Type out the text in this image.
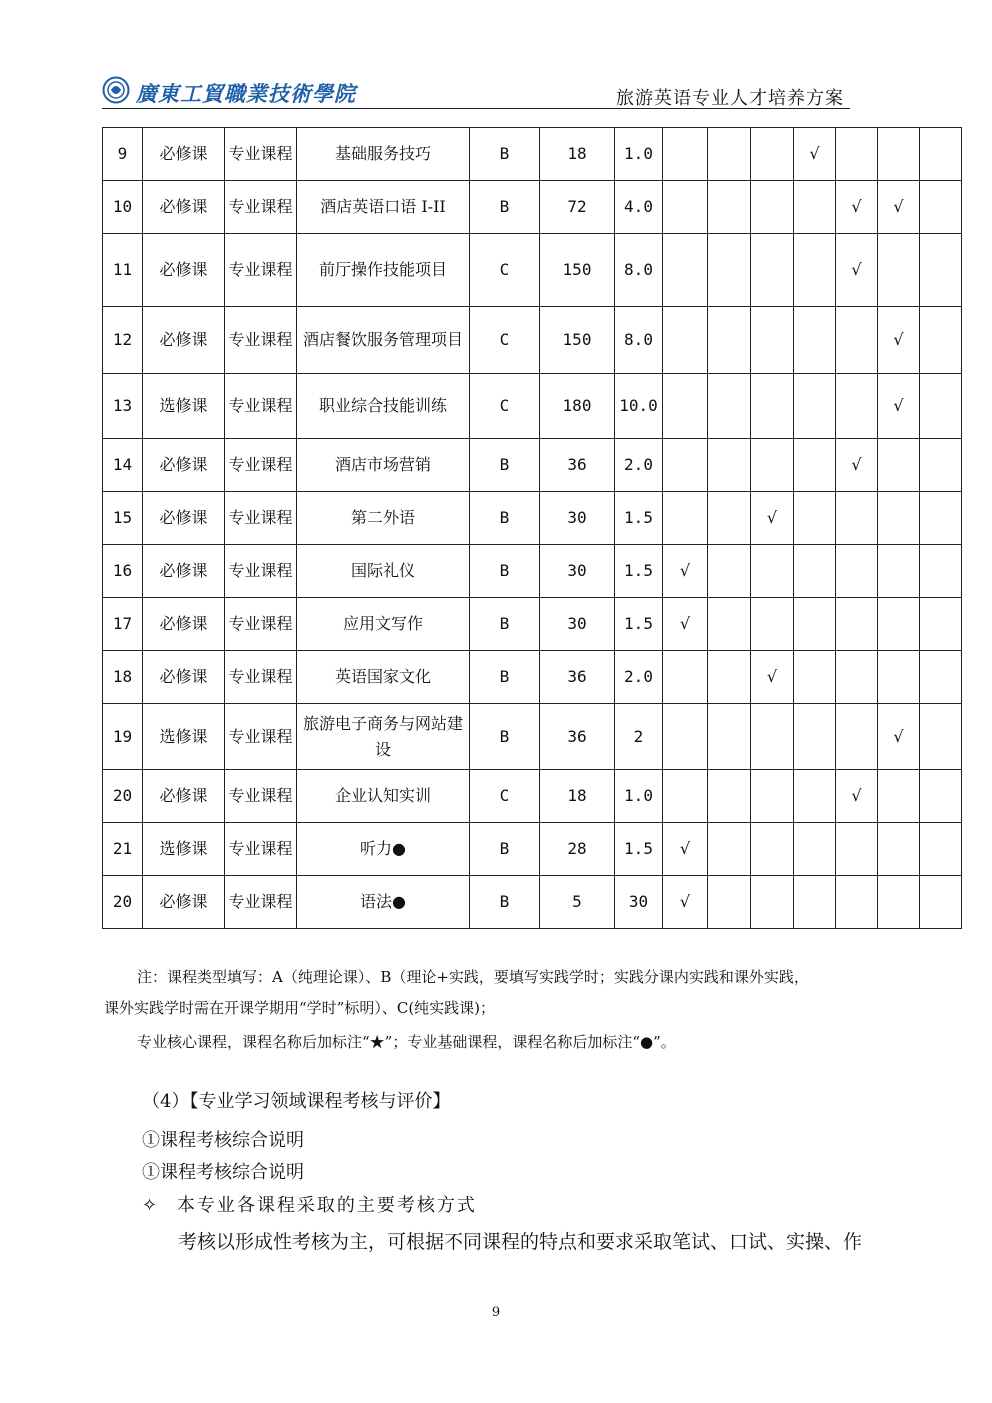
廣東工貿職業技術學院	旅游英语专业人才培养方案
9	必修课	专业课程	基础服务技巧	B	18	1.0				√			
10	必修课	专业课程	酒店英语口语 I-II	B	72	4.0					√	√	
11	必修课	专业课程	前厅操作技能项目	C	150	8.0					√		
12	必修课	专业课程	酒店餐饮服务管理项目	C	150	8.0						√	
13	选修课	专业课程	职业综合技能训练	C	180	10.0						√	
14	必修课	专业课程	酒店市场营销	B	36	2.0					√		
15	必修课	专业课程	第二外语	B	30	1.5			√				
16	必修课	专业课程	国际礼仪	B	30	1.5	√						
17	必修课	专业课程	应用文写作	B	30	1.5	√						
18	必修课	专业课程	英语国家文化	B	36	2.0			√				
19	选修课	专业课程	旅游电子商务与网站建设	B	36	2						√	
20	必修课	专业课程	企业认知实训	C	18	1.0					√		
21	选修课	专业课程	听力●	B	28	1.5	√						
20	必修课	专业课程	语法●	B	5	30	√						
注：课程类型填写：A（纯理论课）、B（理论+实践，要填写实践学时；实践分课内实践和课外实践，
课外实践学时需在开课学期用“学时”标明）、C(纯实践课)；
专业核心课程，课程名称后加标注“★”；专业基础课程，课程名称后加标注“●”。
（4）【专业学习领域课程考核与评价】
①课程考核综合说明
①课程考核综合说明
✧ 本专业各课程采取的主要考核方式
考核以形成性考核为主，可根据不同课程的特点和要求采取笔试、口试、实操、作
9
